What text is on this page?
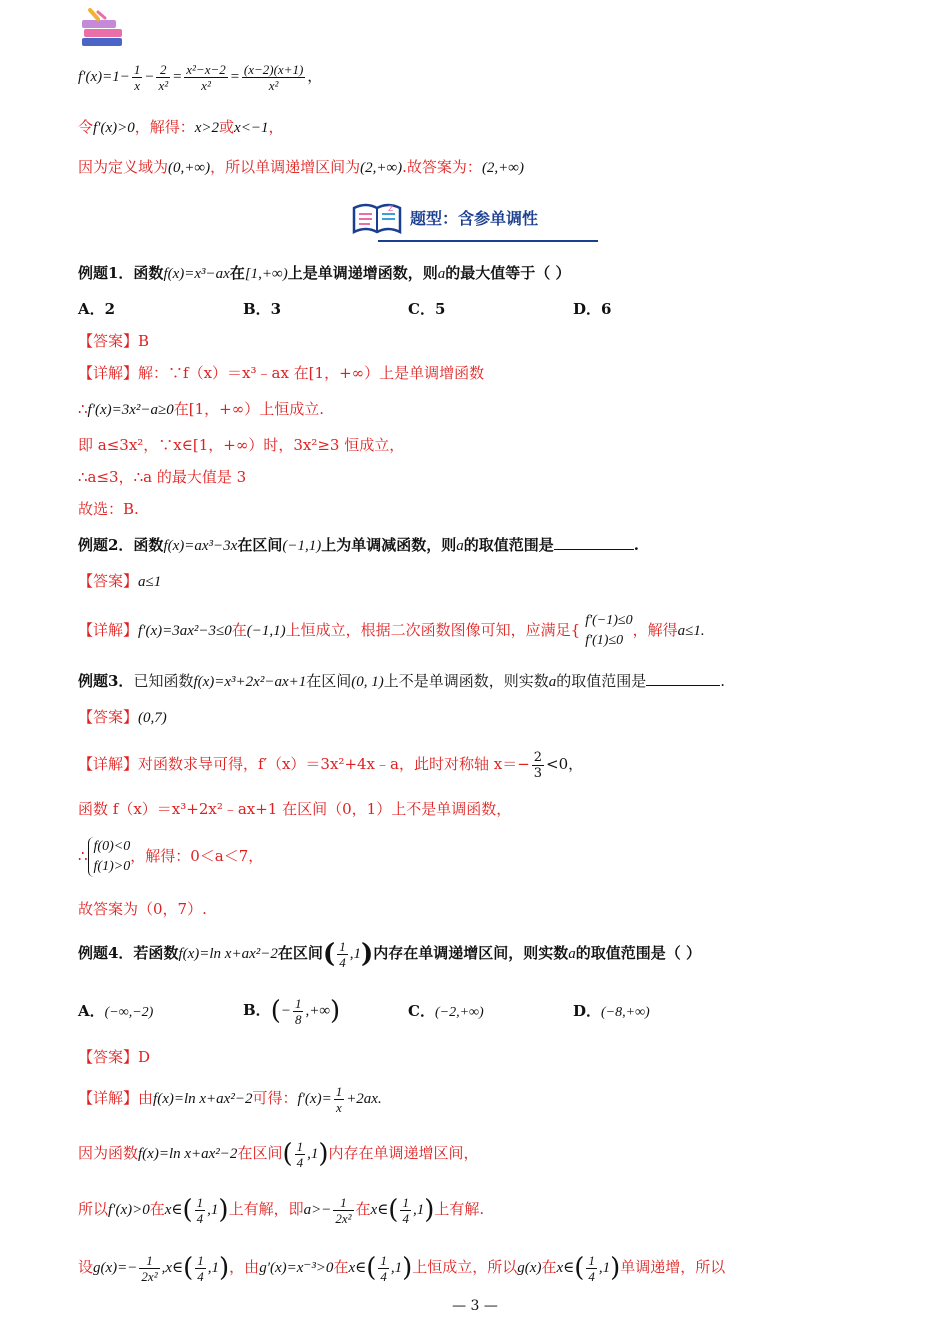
$f'(x)=1- \frac{1}{x} - \frac{2}{\text{x²}} = \frac{\text{x²−x−2}}{\text{x²}} = \frac{(x-2)(x+1)}{\text{x²}}$ ，
令f′(x)>0，解得：x>2或x<−1，
因为定义域为(0,+∞)，所以单调递增区间为(2,+∞).故答案为：(2,+∞)
z
题型：含参单调性
例题1．函数f(x)=x³−ax在[1,+∞)上是单调递增函数，则a的最大值等于（ ）
A．2	B．3	C．5	D．6
【答案】B
【详解】解：∵f（x）＝x³﹣ax 在[1，+∞）上是单调增函数
∴f′(x)=3x²−a≥0在[1，+∞）上恒成立.
即 a≤3x²，∵x∈[1，+∞）时，3x²≥3 恒成立，
∴a≤3，∴a 的最大值是 3
故选：B.
例题2．函数f(x)=ax³−3x在区间(−1,1)上为单调减函数，则a的取值范围是	.
【答案】a≤1
【详解】f′(x)=3ax²−3≤0在(−1,1)上恒成立，根据二次函数图像可知，应满足{
f′(−1)≤0
f′(1)≤0
，解得a≤1.
例题3．已知函数f(x)=x³+2x²−ax+1在区间(0, 1)上不是单调函数，则实数a的取值范围是	.
【答案】(0,7)
【详解】对函数求导可得，f′（x）＝3x²+4x﹣a，此时对称轴 $x=- \frac{2}{3} <0$，
函数 f（x）＝x³+2x²﹣ax+1 在区间（0，1）上不是单调函数，
∴
f(0)<0
f(1)>0
，解得：0＜a＜7，
故答案为（0，7）.
例题4．若函数f(x)=ln x+ax²−2在区间( $\frac{1}{4} ,1$)内存在单调递增区间，则实数a的取值范围是（ ）
A．(−∞,−2)	B．(− $\frac{1}{8}$ ,+∞)	C．(−2,+∞)	D．(−8,+∞)
【答案】D
【详解】由f(x)=ln x+ax²−2可得：$f'(x)= \frac{1}{x} +2ax$.
因为函数f(x)=ln x+ax²−2在区间( $\frac{1}{4} ,1$)内存在单调递增区间，
所以f′(x)>0在x∈( $\frac{1}{4} ,1$)上有解，即$a>- \frac{1}{\text{2x²}}$ 在x∈( $\frac{1}{4} ,1$)上有解.
设$g(x)=- \frac{1}{\text{2x²}}$ ,x∈( $\frac{1}{4} ,1$)，由g′(x)=x⁻³>0在x∈( $\frac{1}{4} ,1$)上恒成立，所以g(x)在x∈( $\frac{1}{4} ,1$)单调递增，所以
— 3 —
